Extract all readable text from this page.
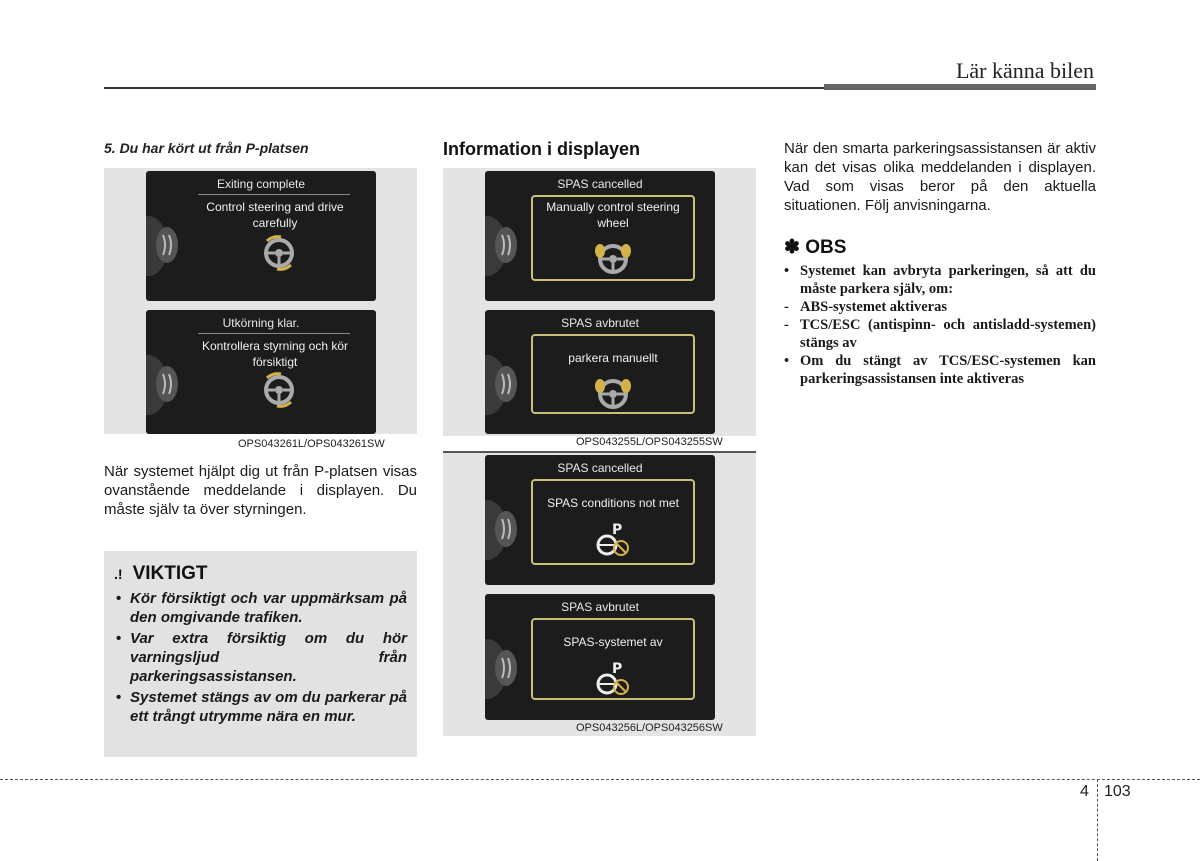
Lär känna bilen
5. Du har kört ut från P-platsen
Exiting complete
Control steering and drive carefully
Utkörning klar.
Kontrollera styrning och kör försiktigt
OPS043261L/OPS043261SW
När systemet hjälpt dig ut från P-platsen visas ovanstående meddelande i displayen. Du måste själv ta över styrningen.
.! VIKTIGT
• Kör försiktigt och var uppmärksam på den omgivande trafiken.
• Var extra försiktig om du hör varningsljud från parkeringsassistansen.
• Systemet stängs av om du parkerar på ett trångt utrymme nära en mur.
Information i displayen
SPAS cancelled
Manually control steering wheel
SPAS avbrutet
parkera manuellt
OPS043255L/OPS043255SW
SPAS cancelled
SPAS conditions not met
P
SPAS avbrutet
SPAS-systemet av
P
OPS043256L/OPS043256SW
När den smarta parkeringsassistansen är aktiv kan det visas olika meddelanden i displayen. Vad som visas beror på den aktuella situationen. Följ anvisningarna.
✽ OBS
• Systemet kan avbryta parkeringen, så att du måste parkera själv, om:
- ABS-systemet aktiveras
- TCS/ESC (antispinn- och antisladd-systemen) stängs av
• Om du stängt av TCS/ESC-systemen kan parkeringsassistansen inte aktiveras
4 103
